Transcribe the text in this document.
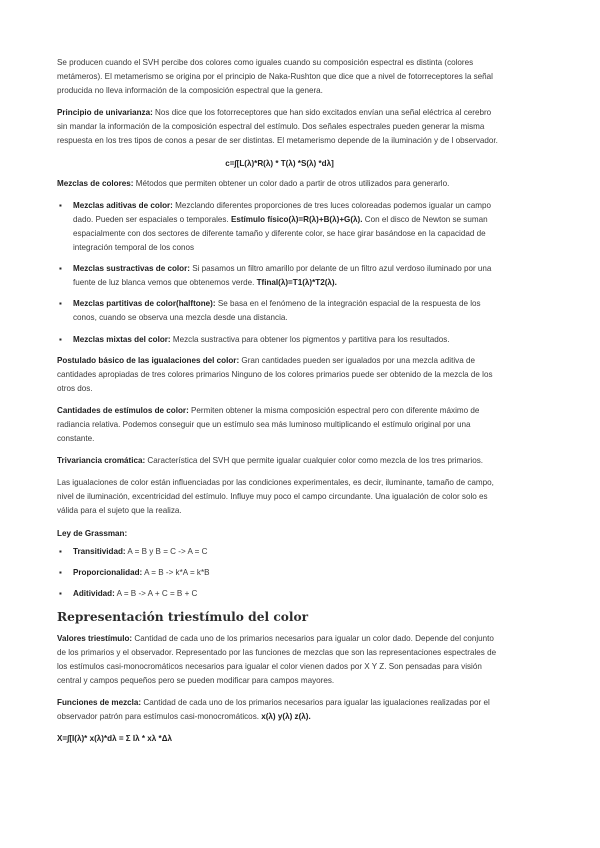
Se producen cuando el SVH percibe dos colores como iguales cuando su composición espectral es distinta (colores metámeros). El metamerismo se origina por el principio de Naka-Rushton que dice que a nivel de fotorreceptores la señal producida no lleva información de la composición espectral que la genera.

Principio de univarianza: Nos dice que los fotorreceptores que han sido excitados envían una señal eléctrica al cerebro sin mandar la información de la composición espectral del estímulo. Dos señales espectrales pueden generar la misma respuesta en los tres tipos de conos a pesar de ser distintas. El metamerismo depende de la iluminación y de l observador.

c=∫[L(λ)*R(λ) * T(λ) *S(λ) *dλ]

Mezclas de colores: Métodos que permiten obtener un color dado a partir de otros utilizados para generarlo.

▪ Mezclas aditivas de color: Mezclando diferentes proporciones de tres luces coloreadas podemos igualar un campo dado. Pueden ser espaciales o temporales. Estímulo físico(λ)=R(λ)+B(λ)+G(λ). Con el disco de Newton se suman espacialmente con dos sectores de diferente tamaño y diferente color, se hace girar basándose en la capacidad de integración temporal de los conos
▪ Mezclas sustractivas de color: Si pasamos un filtro amarillo por delante de un filtro azul verdoso iluminado por una fuente de luz blanca vemos que obtenemos verde. Tfinal(λ)=T1(λ)*T2(λ).
▪ Mezclas partitivas de color(halftone): Se basa en el fenómeno de la integración espacial de la respuesta de los conos, cuando se observa una mezcla desde una distancia.
▪ Mezclas mixtas del color: Mezcla sustractiva para obtener los pigmentos y partitiva para los resultados.

Postulado básico de las igualaciones del color: Gran cantidades pueden ser igualados por una mezcla aditiva de cantidades apropiadas de tres colores primarios Ninguno de los colores primarios puede ser obtenido de la mezcla de los otros dos.

Cantidades de estímulos de color: Permiten obtener la misma composición espectral pero con diferente máximo de radiancia relativa. Podemos conseguir que un estímulo sea más luminoso multiplicando el estímulo original por una constante.

Trivariancia cromática: Característica del SVH que permite igualar cualquier color como mezcla de los tres primarios.

Las igualaciones de color están influenciadas por las condiciones experimentales, es decir, iluminante, tamaño de campo, nivel de iluminación, excentricidad del estímulo. Influye muy poco el campo circundante. Una igualación de color solo es válida para el sujeto que la realiza.

Ley de Grassman:

▪ Transitividad: A = B y B = C -> A = C
▪ Proporcionalidad: A = B -> k*A = k*B
▪ Aditividad: A = B -> A + C = B + C
Representación triestímulo del color

Valores triestímulo: Cantidad de cada uno de los primarios necesarios para igualar un color dado. Depende del conjunto de los primarios y el observador. Representado por las funciones de mezclas que son las representaciones espectrales de los estímulos casi-monocromáticos necesarios para igualar el color vienen dados por X Y Z. Son pensadas para visión central y campos pequeños pero se pueden modificar para campos mayores.

Funciones de mezcla: Cantidad de cada uno de los primarios necesarios para igualar las igualaciones realizadas por el observador patrón para estímulos casi-monocromáticos. x(λ) y(λ) z(λ).

X=∫[I(λ)* x(λ)*dλ = Σ Iλ * xλ *Δλ
